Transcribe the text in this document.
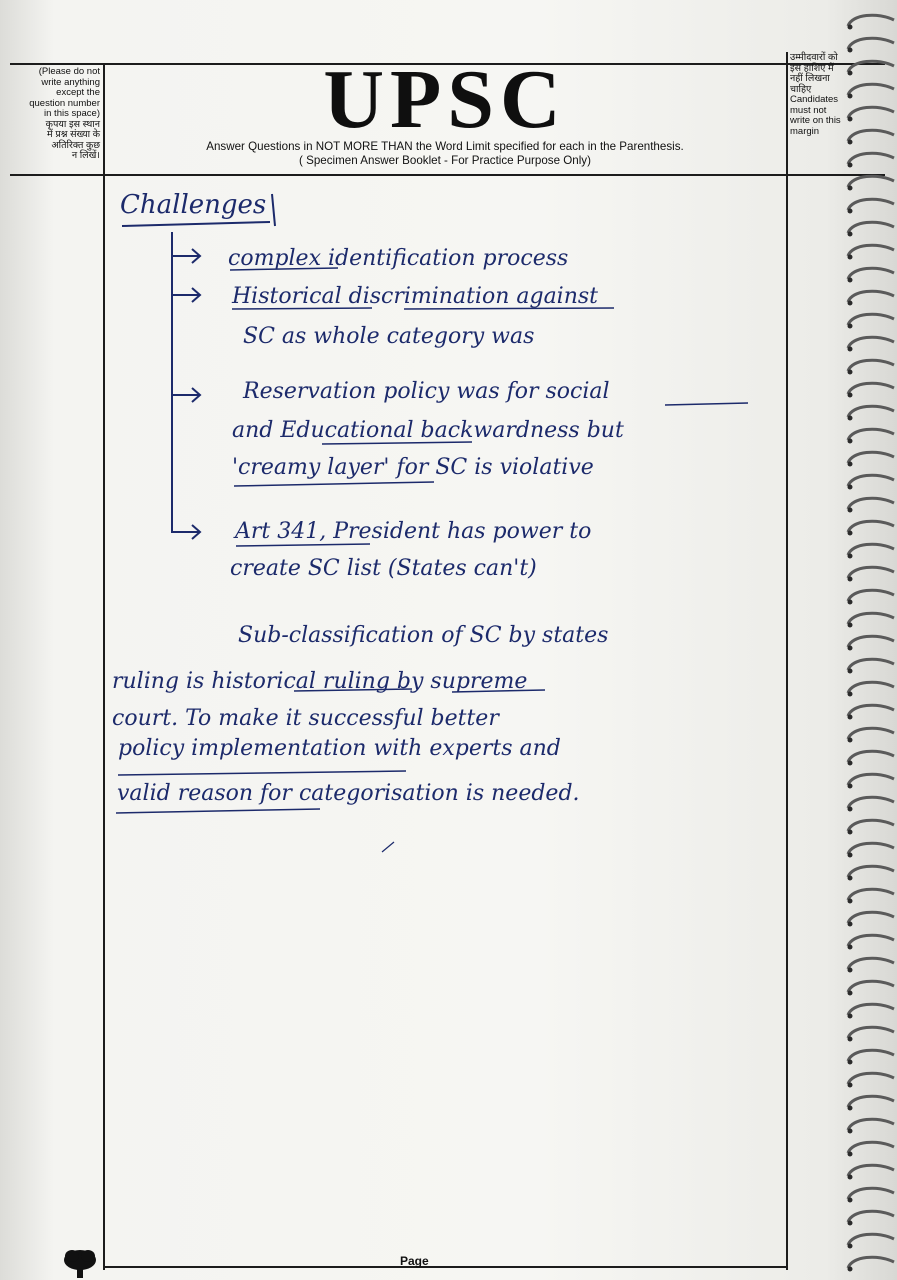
(Please do not
write anything
except the
question number
in this space)
कृपया इस स्थान
में प्रश्न संख्या के
अतिरिक्त कुछ
न लिखें।
उम्मीदवारों को
इस हाशिए में
नहीं लिखना
चाहिए
Candidates
must not
write on this
margin
UPSC
Answer Questions in NOT MORE THAN the Word Limit specified for each in the Parenthesis.
( Specimen Answer Booklet - For Practice Purpose Only)
Challenges
complex identification process
Historical discrimination against
SC as whole category was
Reservation policy was for social
and Educational backwardness but
'creamy layer' for SC is violative
Art 341, President has power to
create SC list (States can't)
Sub-classification of SC by states
ruling is historical ruling by supreme
court. To make it successful better
policy implementation with experts and
valid reason for categorisation is needed.
Page
